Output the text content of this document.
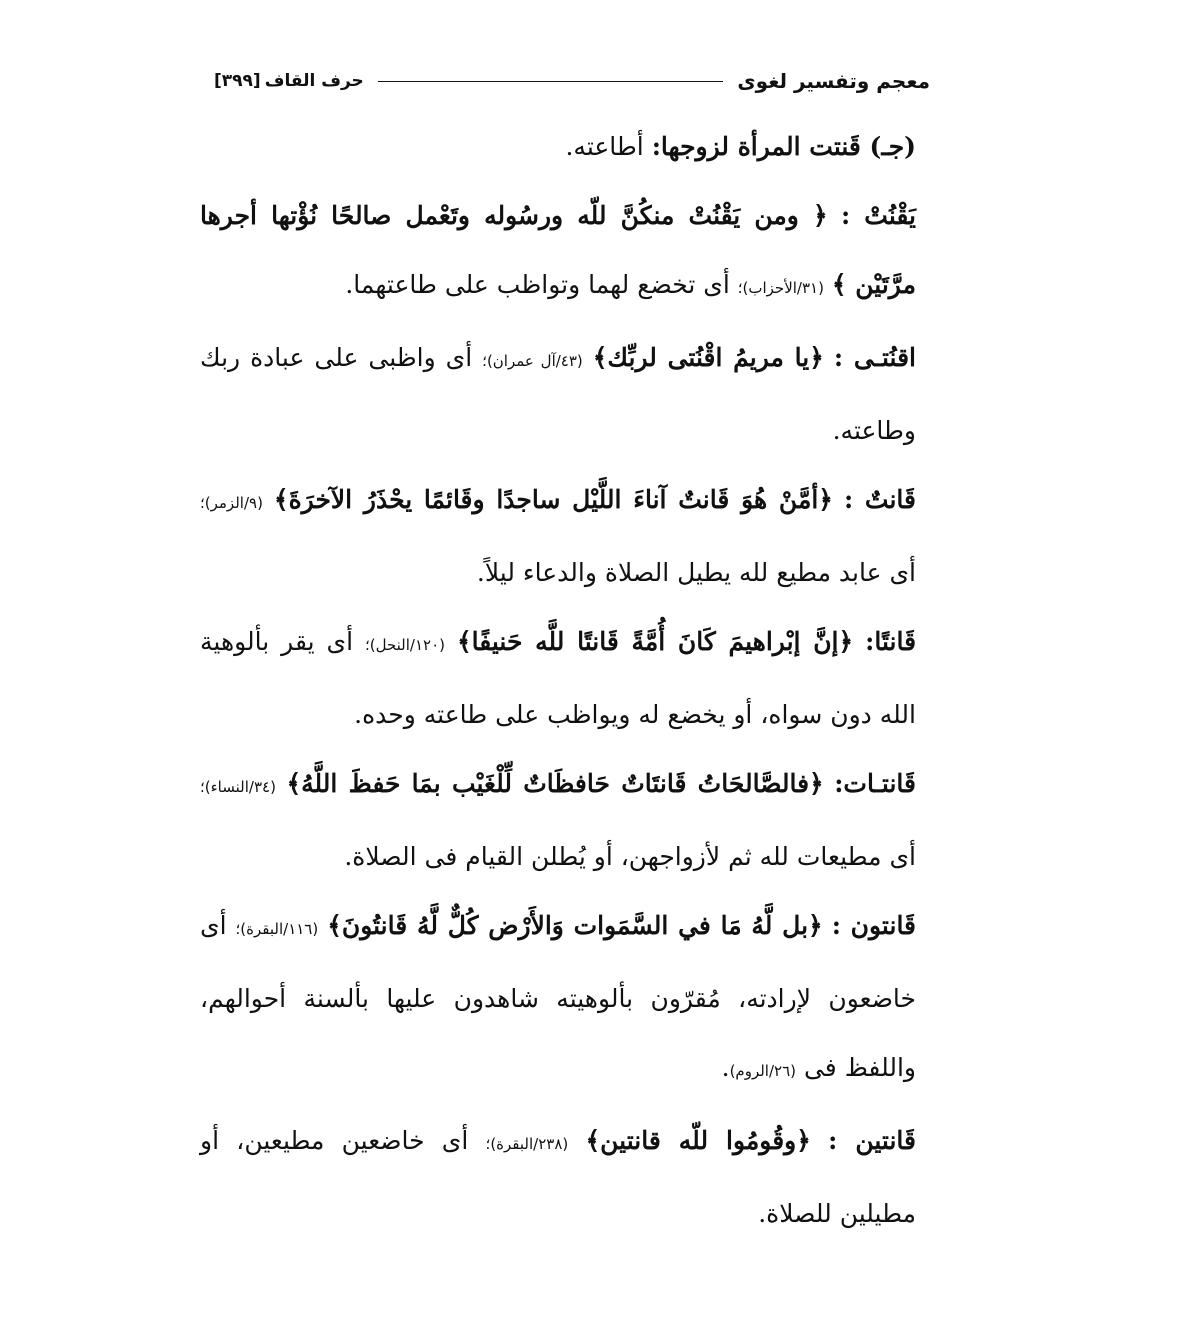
معجم وتفسير لغوى
حرف القاف
[٣٩٩]

(جـ) قَنتت المرأة لزوجها: أطاعته.

يَقْنُتْ : ﴿ ومن يَقْنُتْ منكُنَّ للّه ورسُوله وتَعْمل صالحًا نُؤْتها أجرها مرَّتَيْن ﴾ (٣١/الأحزاب)؛ أى تخضع لهما وتواظب على طاعتهما.

اقنُتـى : ﴿يا مريمُ اقْنُتى لربِّك﴾ (٤٣/آل عمران)؛ أى واظبى على عبادة ربك وطاعته.

قَانتٌ : ﴿أمَّنْ هُوَ قَانتٌ آناءَ اللَّيْل ساجدًا وقَائمًا يحْذَرُ الآخرَةَ﴾ (٩/الزمر)؛ أى عابد مطيع لله يطيل الصلاة والدعاء ليلاً.

قَانتًا: ﴿إنَّ إبْراهيمَ كَانَ أُمَّةً قَانتًا للَّه حَنيفًا﴾ (١٢٠/النحل)؛ أى يقر بألوهية الله دون سواه، أو يخضع له ويواظب على طاعته وحده.

قَانتـات: ﴿فالصَّالحَاتُ قَانتَاتٌ حَافظَاتٌ لِّلْغَيْب بمَا حَفظَ اللَّهُ﴾ (٣٤/النساء)؛ أى مطيعات لله ثم لأزواجهن، أو يُطلن القيام فى الصلاة.

قَانتون : ﴿بل لَّهُ مَا في السَّمَوات وَالأَرْض كُلٌّ لَّهُ قَانتُونَ﴾ (١١٦/البقرة)؛ أى خاضعون لإرادته، مُقرّون بألوهيته شاهدون عليها بألسنة أحوالهم، واللفظ فى (٢٦/الروم).

قَانتين : ﴿وقُومُوا للّه قانتين﴾ (٢٣٨/البقرة)؛ أى خاضعين مطيعين، أو مطيلين للصلاة.
